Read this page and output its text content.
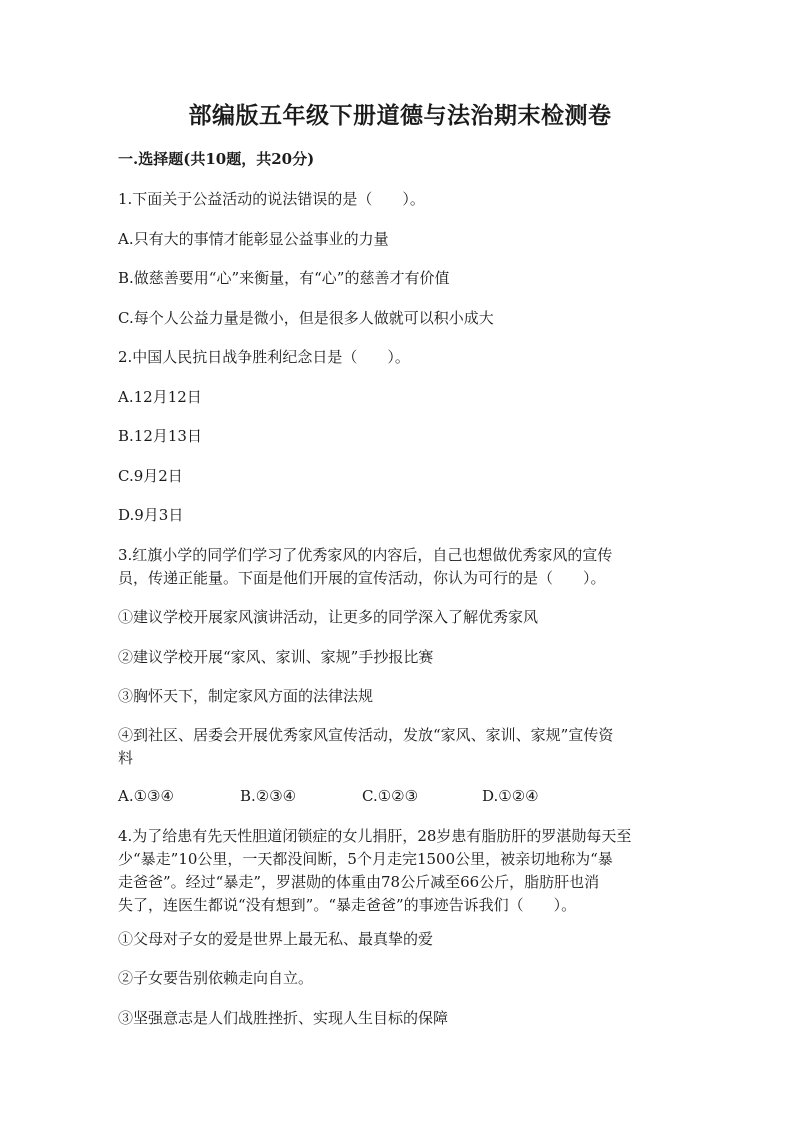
部编版五年级下册道德与法治期末检测卷
一.选择题(共10题，共20分)
1.下面关于公益活动的说法错误的是（　　）。
A.只有大的事情才能彰显公益事业的力量
B.做慈善要用“心”来衡量，有“心”的慈善才有价值
C.每个人公益力量是微小，但是很多人做就可以积小成大
2.中国人民抗日战争胜利纪念日是（　　）。
A.12月12日
B.12月13日
C.9月2日
D.9月3日
3.红旗小学的同学们学习了优秀家风的内容后，自己也想做优秀家风的宣传
员，传递正能量。下面是他们开展的宣传活动，你认为可行的是（　　）。
①建议学校开展家风演讲活动，让更多的同学深入了解优秀家风
②建议学校开展“家风、家训、家规”手抄报比赛
③胸怀天下，制定家风方面的法律法规
④到社区、居委会开展优秀家风宣传活动，发放“家风、家训、家规”宣传资
料
A.①③④	B.②③④	C.①②③	D.①②④
4.为了给患有先天性胆道闭锁症的女儿捐肝，28岁患有脂肪肝的罗湛勋每天至
少“暴走”10公里，一天都没间断，5个月走完1500公里，被亲切地称为“暴
走爸爸”。经过“暴走”，罗湛勋的体重由78公斤减至66公斤，脂肪肝也消
失了，连医生都说“没有想到”。“暴走爸爸”的事迹告诉我们（　　）。
①父母对子女的爱是世界上最无私、最真挚的爱
②子女要告别依赖走向自立。
③坚强意志是人们战胜挫折、实现人生目标的保障
